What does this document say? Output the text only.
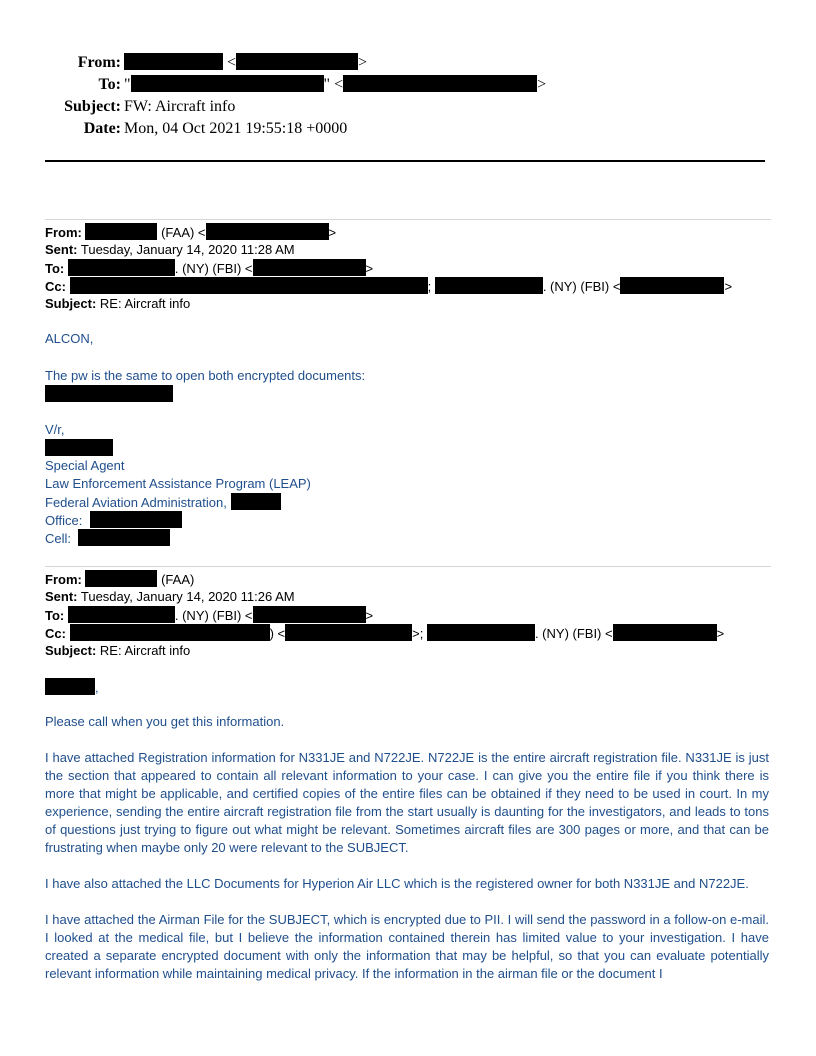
From:	<	>
To: "	" <	>
Subject: FW: Aircraft info
Date: Mon, 04 Oct 2021 19:55:18 +0000
From:	(FAA) <	>
Sent: Tuesday, January 14, 2020 11:28 AM
To:	. (NY) (FBI) <	>
Cc:	;	. (NY) (FBI) <	>
Subject: RE: Aircraft info
ALCON,
The pw is the same to open both encrypted documents:
V/r,
Special Agent
Law Enforcement Assistance Program (LEAP)
Federal Aviation Administration,
Office:
Cell:
From:	(FAA)
Sent: Tuesday, January 14, 2020 11:26 AM
To:	. (NY) (FBI) <	>
Cc:	) <	>;	. (NY) (FBI) <	>
Subject: RE: Aircraft info
,
Please call when you get this information.
I have attached Registration information for N331JE and N722JE. N722JE is the entire aircraft registration file. N331JE is just the section that appeared to contain all relevant information to your case. I can give you the entire file if you think there is more that might be applicable, and certified copies of the entire files can be obtained if they need to be used in court. In my experience, sending the entire aircraft registration file from the start usually is daunting for the investigators, and leads to tons of questions just trying to figure out what might be relevant. Sometimes aircraft files are 300 pages or more, and that can be frustrating when maybe only 20 were relevant to the SUBJECT.
I have also attached the LLC Documents for Hyperion Air LLC which is the registered owner for both N331JE and N722JE.
I have attached the Airman File for the SUBJECT, which is encrypted due to PII. I will send the password in a follow-on e-mail. I looked at the medical file, but I believe the information contained therein has limited value to your investigation. I have created a separate encrypted document with only the information that may be helpful, so that you can evaluate potentially relevant information while maintaining medical privacy. If the information in the airman file or the document I
